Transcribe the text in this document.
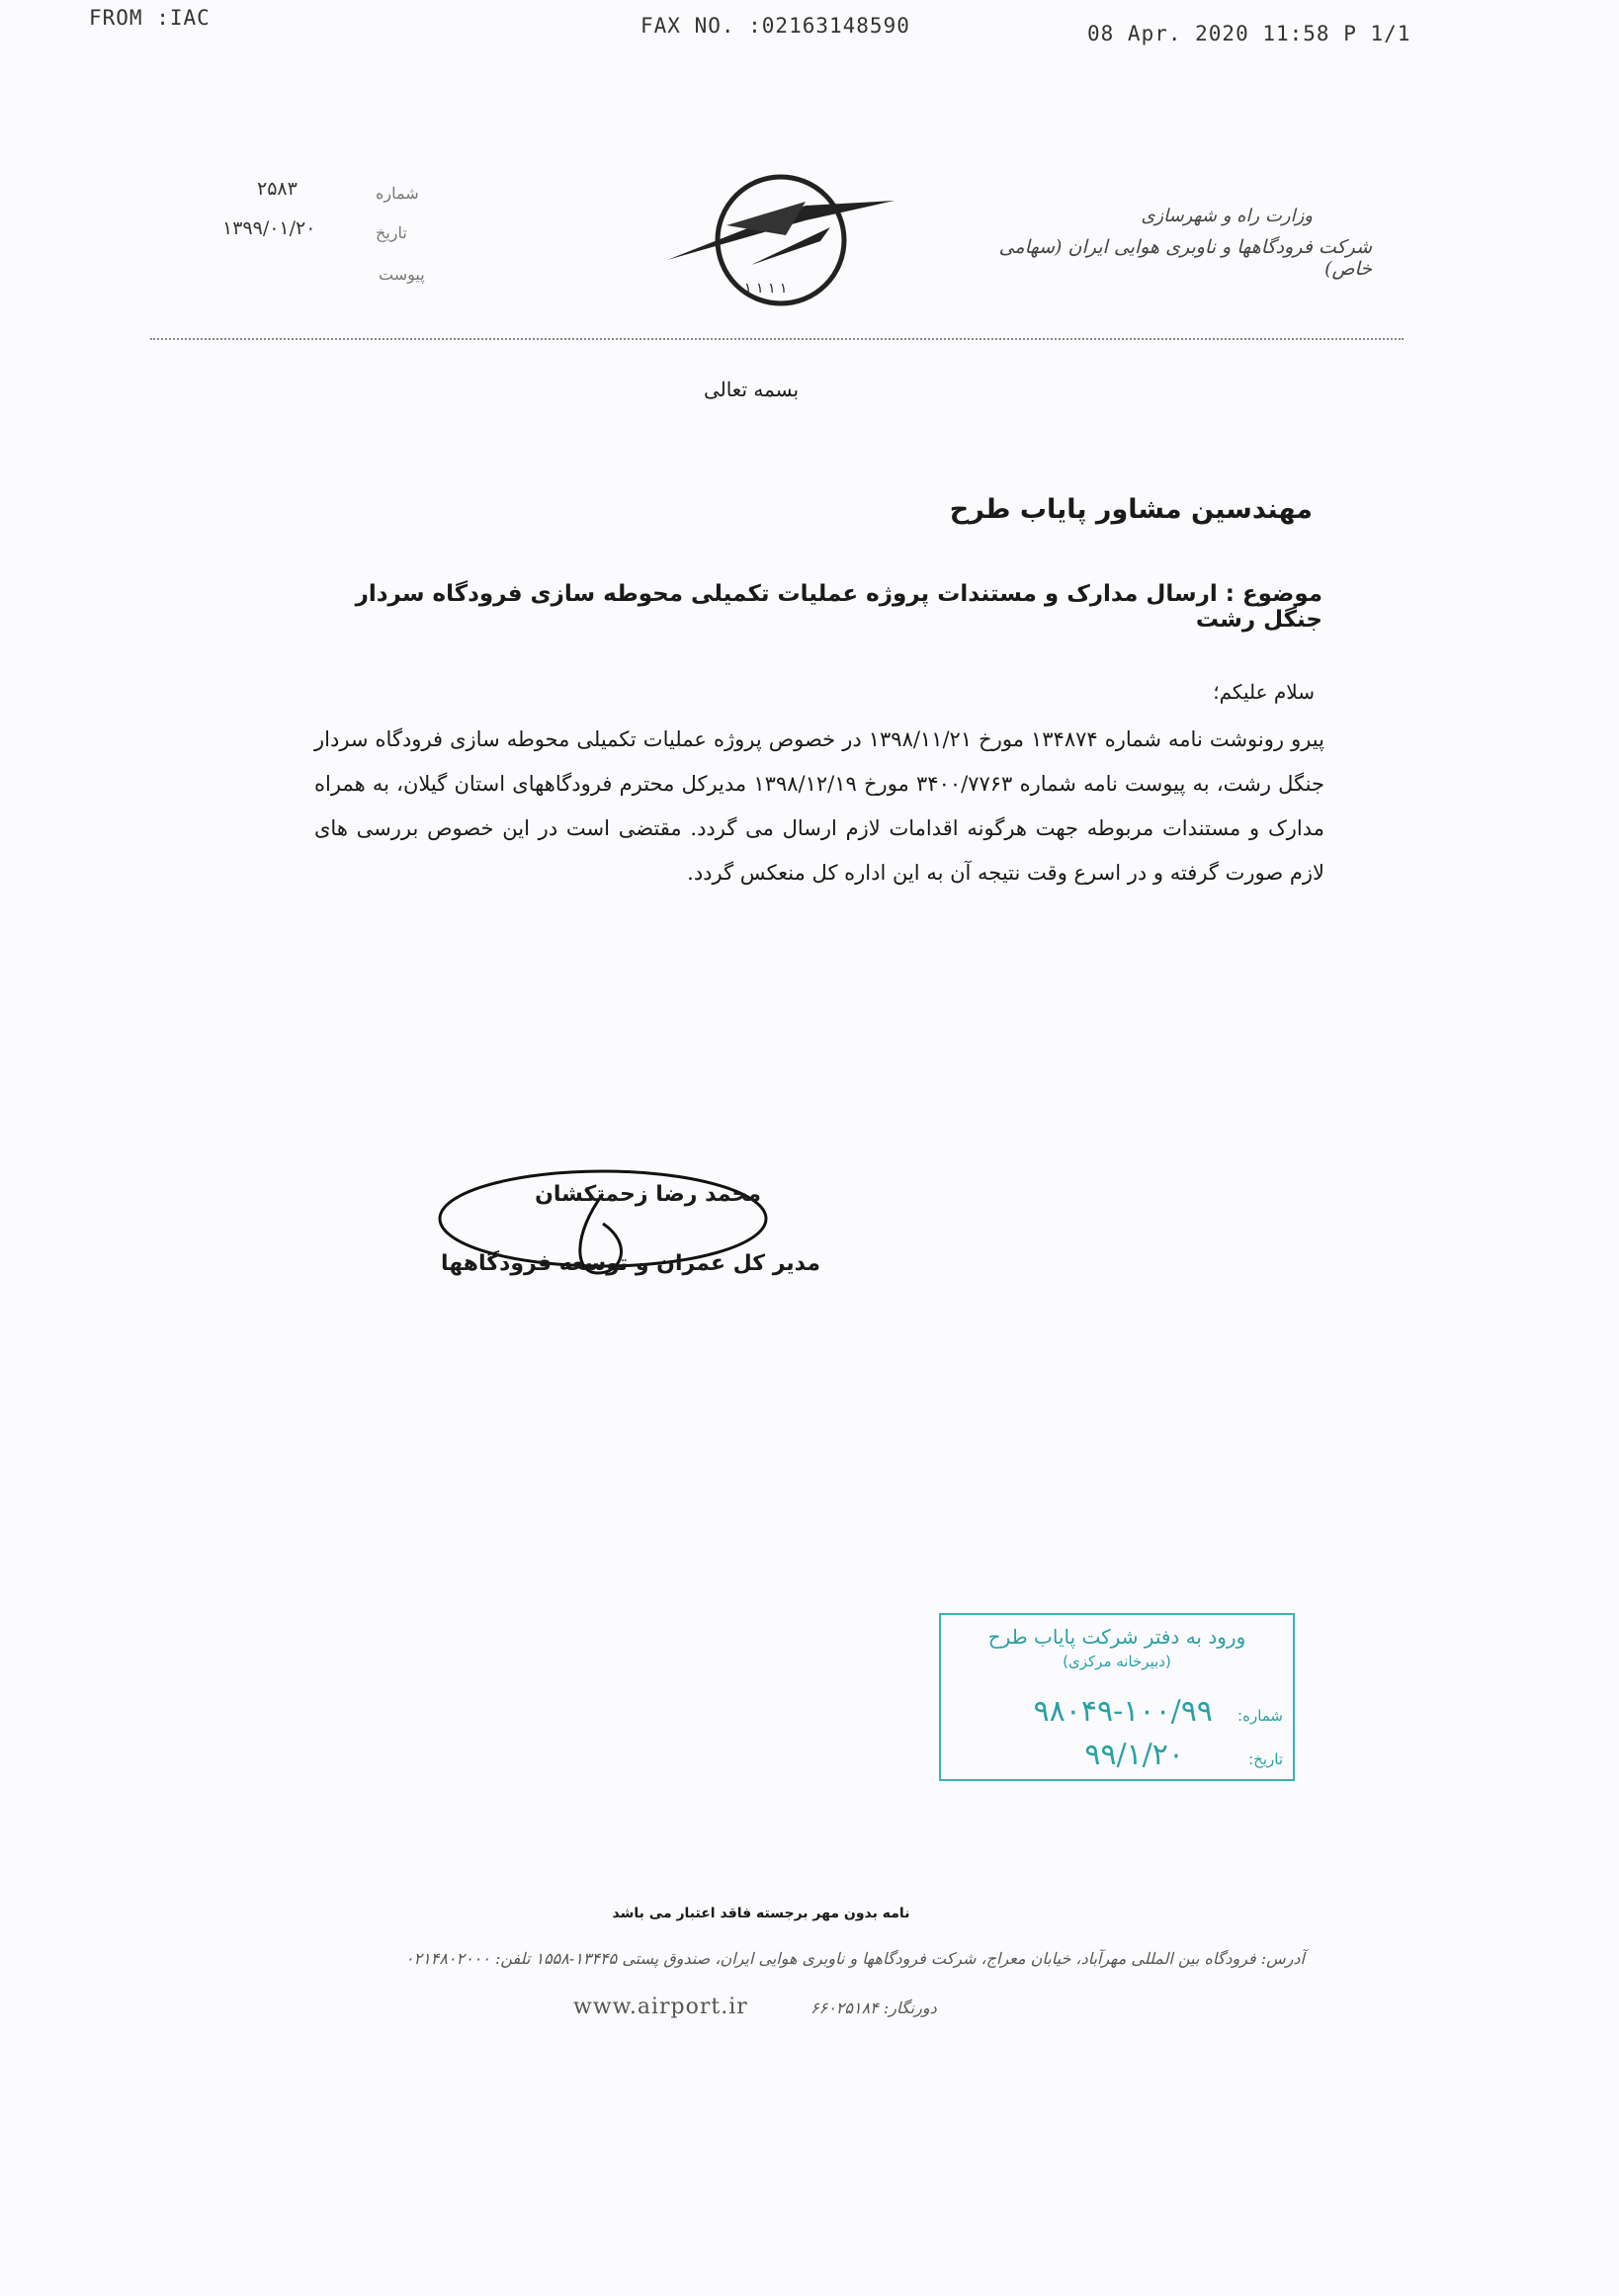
FROM :IAC	FAX NO. :02163148590	08 Apr. 2020 11:58 P 1/1
۲۵۸۳	شماره
۱۳۹۹/۰۱/۲۰	تاریخ
پیوست
۱ ۱ ۱ ۱
وزارت راه و شهرسازی
شرکت فرودگاهها و ناوبری هوایی ایران (سهامی خاص)
بسمه تعالی
مهندسین مشاور پایاب طرح
موضوع : ارسال مدارک و مستندات پروژه عملیات تکمیلی محوطه سازی فرودگاه سردار جنگل رشت
سلام علیکم؛
پیرو رونوشت نامه شماره ۱۳۴۸۷۴ مورخ ۱۳۹۸/۱۱/۲۱ در خصوص پروژه عملیات تکمیلی محوطه سازی فرودگاه سردار جنگل رشت، به پیوست نامه شماره ۳۴۰۰/۷۷۶۳ مورخ ۱۳۹۸/۱۲/۱۹ مدیرکل محترم فرودگاههای استان گیلان، به همراه مدارک و مستندات مربوطه جهت هرگونه اقدامات لازم ارسال می گردد. مقتضی است در این خصوص بررسی های لازم صورت گرفته و در اسرع وقت نتیجه آن به این اداره کل منعکس گردد.
محمد رضا زحمتکشان
مدیر کل عمران و توسعه فرودگاهها
ورود به دفتر شرکت پایاب طرح
(دبیرخانه مرکزی)
شماره: ۱۰۰/۹۹-۹۸۰۴۹
تاریخ: ۹۹/۱/۲۰
نامه بدون مهر برجسته فاقد اعتبار می باشد
آدرس: فرودگاه بین المللی مهرآباد، خیابان معراج، شرکت فرودگاهها و ناوبری هوایی ایران، صندوق پستی ۱۳۴۴۵-۱۵۵۸ تلفن: ۰۲۱۴۸۰۲۰۰۰
www.airport.ir	دورنگار: ۶۶۰۲۵۱۸۴
